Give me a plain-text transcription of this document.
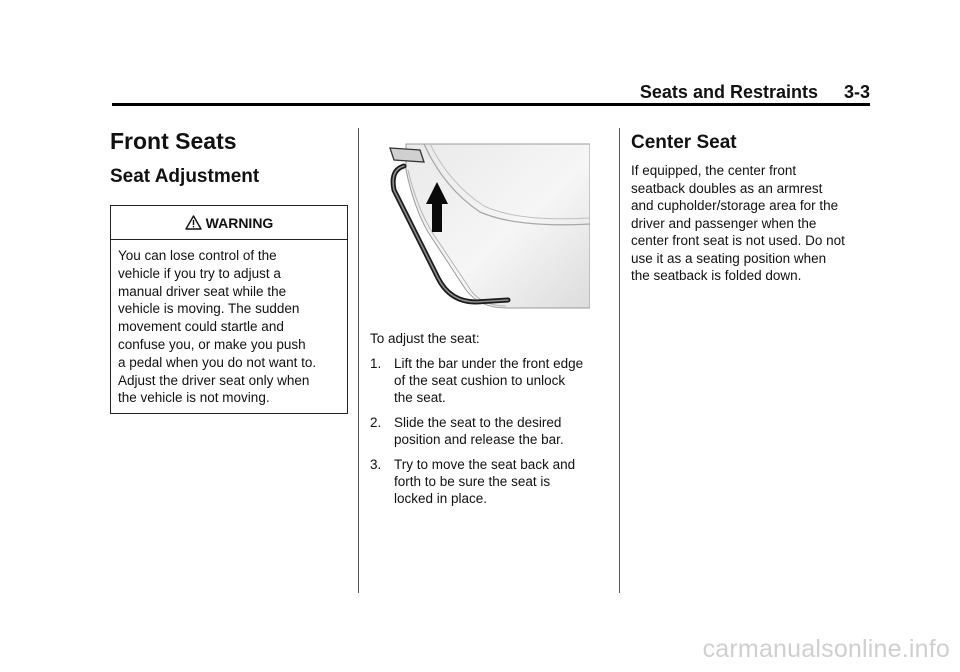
Seats and Restraints 3-3
Front Seats
Seat Adjustment
WARNING
You can lose control of the
vehicle if you try to adjust a
manual driver seat while the
vehicle is moving. The sudden
movement could startle and
confuse you, or make you push
a pedal when you do not want to.
Adjust the driver seat only when
the vehicle is not moving.
To adjust the seat:
1. Lift the bar under the front edge
of the seat cushion to unlock
the seat.
2. Slide the seat to the desired
position and release the bar.
3. Try to move the seat back and
forth to be sure the seat is
locked in place.
Center Seat
If equipped, the center front
seatback doubles as an armrest
and cupholder/storage area for the
driver and passenger when the
center front seat is not used. Do not
use it as a seating position when
the seatback is folded down.
carmanualsonline.info
